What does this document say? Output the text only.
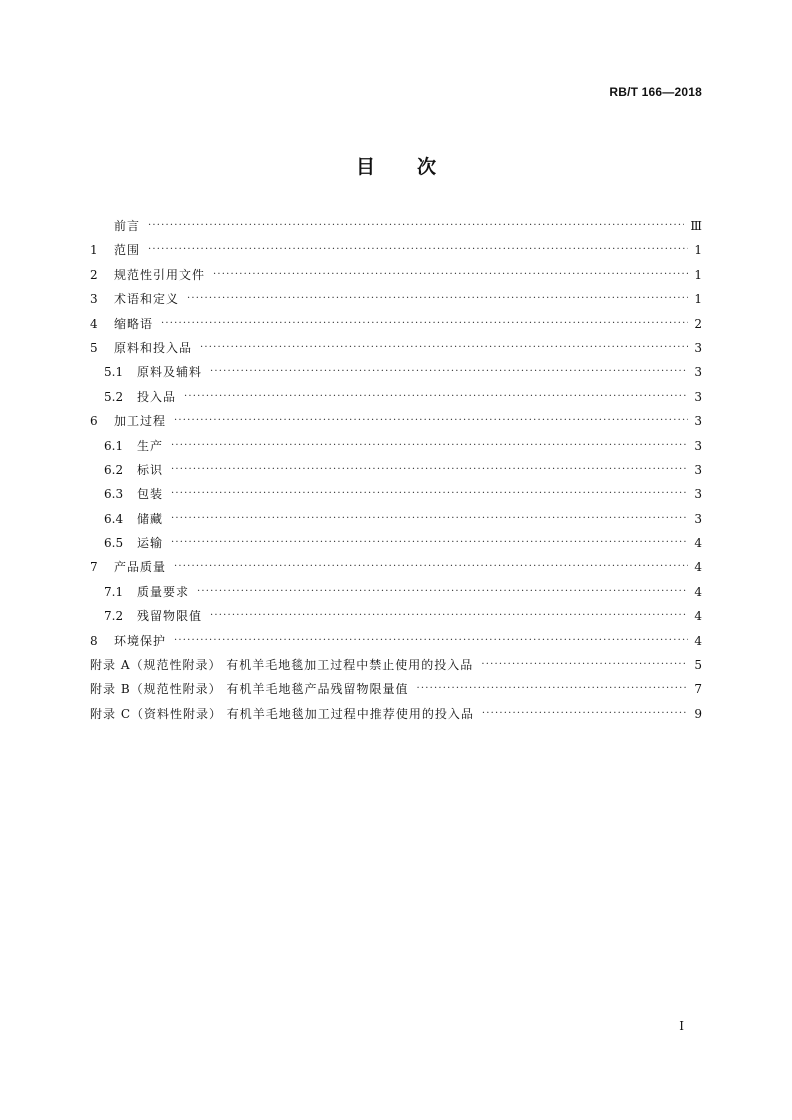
RB/T 166—2018
目次
前言 ·····	Ⅲ
1	范围 ·····	1
2	规范性引用文件 ·····	1
3	术语和定义 ·····	1
4	缩略语 ·····	2
5	原料和投入品 ·····	3
5.1	原料及辅料 ·····	3
5.2	投入品 ·····	3
6	加工过程 ·····	3
6.1	生产 ·····	3
6.2	标识 ·····	3
6.3	包装 ·····	3
6.4	储藏 ·····	3
6.5	运输 ·····	4
7	产品质量 ·····	4
7.1	质量要求 ·····	4
7.2	残留物限值 ·····	4
8	环境保护 ·····	4
附录 A（规范性附录） 有机羊毛地毯加工过程中禁止使用的投入品 ·····	5
附录 B（规范性附录） 有机羊毛地毯产品残留物限量值 ·····	7
附录 C（资料性附录） 有机羊毛地毯加工过程中推荐使用的投入品 ·····	9
I
